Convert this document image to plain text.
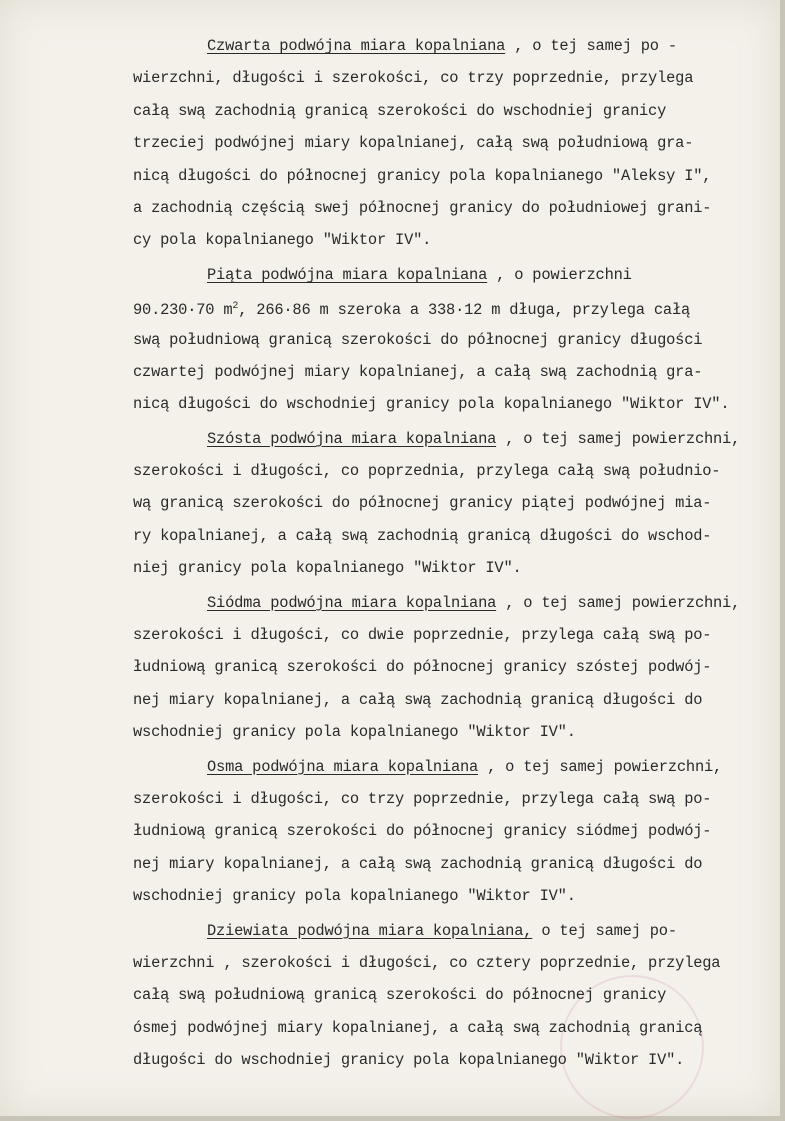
Czwarta podwójna miara kopalniana , o tej samej po -
wierzchni, długości i szerokości, co trzy poprzednie, przylega
całą swą zachodnią granicą szerokości do wschodniej granicy
trzeciej podwójnej miary kopalnianej, całą swą południową gra-
nicą długości do północnej granicy pola kopalnianego "Aleksy I",
a zachodnią częścią swej północnej granicy do południowej grani-
cy pola kopalnianego "Wiktor IV".
Piąta podwójna miara kopalniana , o powierzchni
90.230·70 $m^2$, 266·86 m szeroka a 338·12 m długa, przylega całą
swą południową granicą szerokości do północnej granicy długości
czwartej podwójnej miary kopalnianej, a całą swą zachodnią gra-
nicą długości do wschodniej granicy pola kopalnianego "Wiktor IV".
Szósta podwójna miara kopalniana , o tej samej powierzchni,
szerokości i długości, co poprzednia, przylega całą swą południo-
wą granicą szerokości do północnej granicy piątej podwójnej mia-
ry kopalnianej, a całą swą zachodnią granicą długości do wschod-
niej granicy pola kopalnianego "Wiktor IV".
Siódma podwójna miara kopalniana , o tej samej powierzchni,
szerokości i długości, co dwie poprzednie, przylega całą swą po-
łudniową granicą szerokości do północnej granicy szóstej podwój-
nej miary kopalnianej, a całą swą zachodnią granicą długości do
wschodniej granicy pola kopalnianego "Wiktor IV".
Osma podwójna miara kopalniana , o tej samej powierzchni,
szerokości i długości, co trzy poprzednie, przylega całą swą po-
łudniową granicą szerokości do północnej granicy siódmej podwój-
nej miary kopalnianej, a całą swą zachodnią granicą długości do
wschodniej granicy pola kopalnianego "Wiktor IV".
Dziewiata podwójna miara kopalniana, o tej samej po-
wierzchni , szerokości i długości, co cztery poprzednie, przylega
całą swą południową granicą szerokości do północnej granicy
ósmej podwójnej miary kopalnianej, a całą swą zachodnią granicą
długości do wschodniej granicy pola kopalnianego "Wiktor IV".
